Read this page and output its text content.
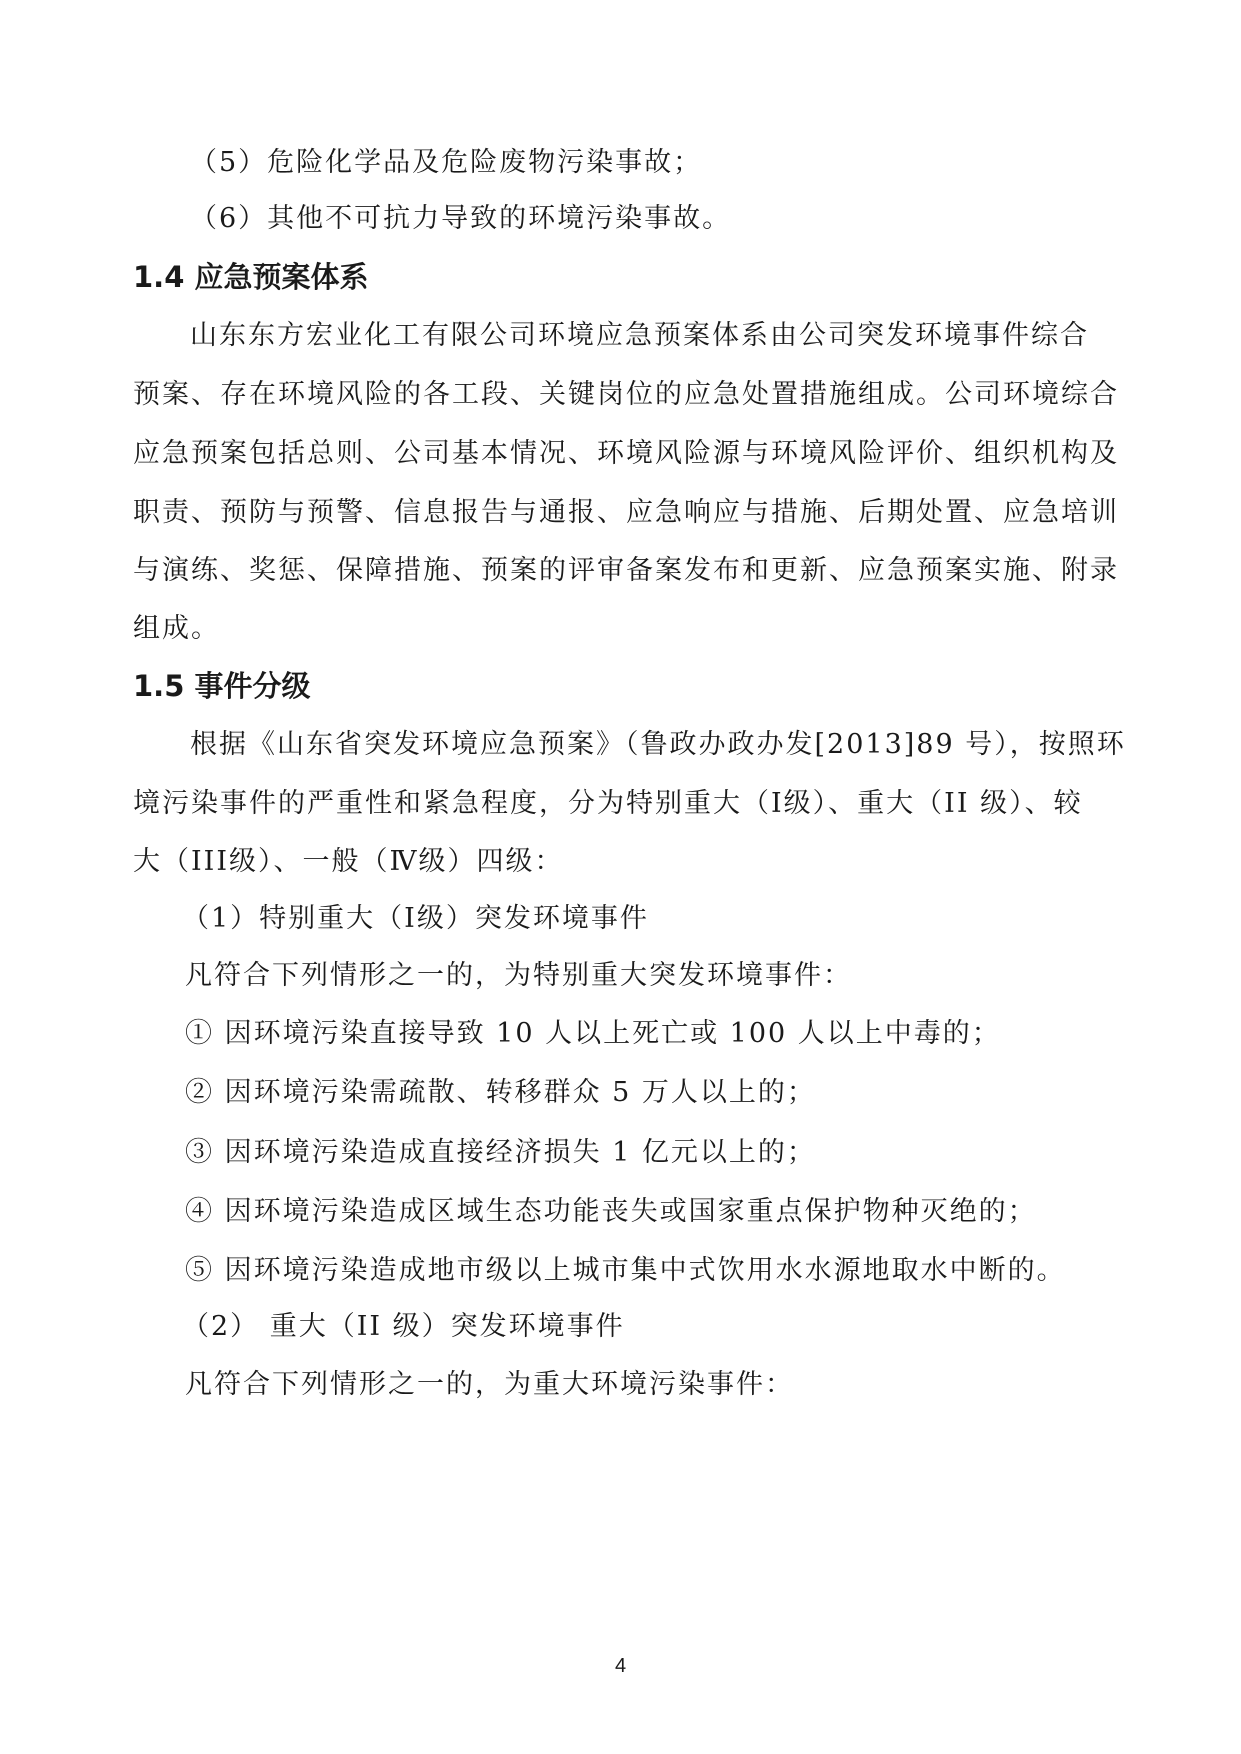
（5）危险化学品及危险废物污染事故；
（6）其他不可抗力导致的环境污染事故。
1.4 应急预案体系
山东东方宏业化工有限公司环境应急预案体系由公司突发环境事件综合
预案、存在环境风险的各工段、关键岗位的应急处置措施组成。公司环境综合
应急预案包括总则、公司基本情况、环境风险源与环境风险评价、组织机构及
职责、预防与预警、信息报告与通报、应急响应与措施、后期处置、应急培训
与演练、奖惩、保障措施、预案的评审备案发布和更新、应急预案实施、附录
组成。
1.5 事件分级
根据《山东省突发环境应急预案》（鲁政办政办发[2013]89 号），按照环
境污染事件的严重性和紧急程度，分为特别重大（Ⅰ级）、重大（II 级）、较
大（III级）、一般（Ⅳ级）四级：
（1）特别重大（Ⅰ级）突发环境事件
凡符合下列情形之一的，为特别重大突发环境事件：
① 因环境污染直接导致 10 人以上死亡或 100 人以上中毒的；
② 因环境污染需疏散、转移群众 5 万人以上的；
③ 因环境污染造成直接经济损失 1 亿元以上的；
④ 因环境污染造成区域生态功能丧失或国家重点保护物种灭绝的；
⑤ 因环境污染造成地市级以上城市集中式饮用水水源地取水中断的。
（2） 重大（II 级）突发环境事件
凡符合下列情形之一的，为重大环境污染事件：
4
